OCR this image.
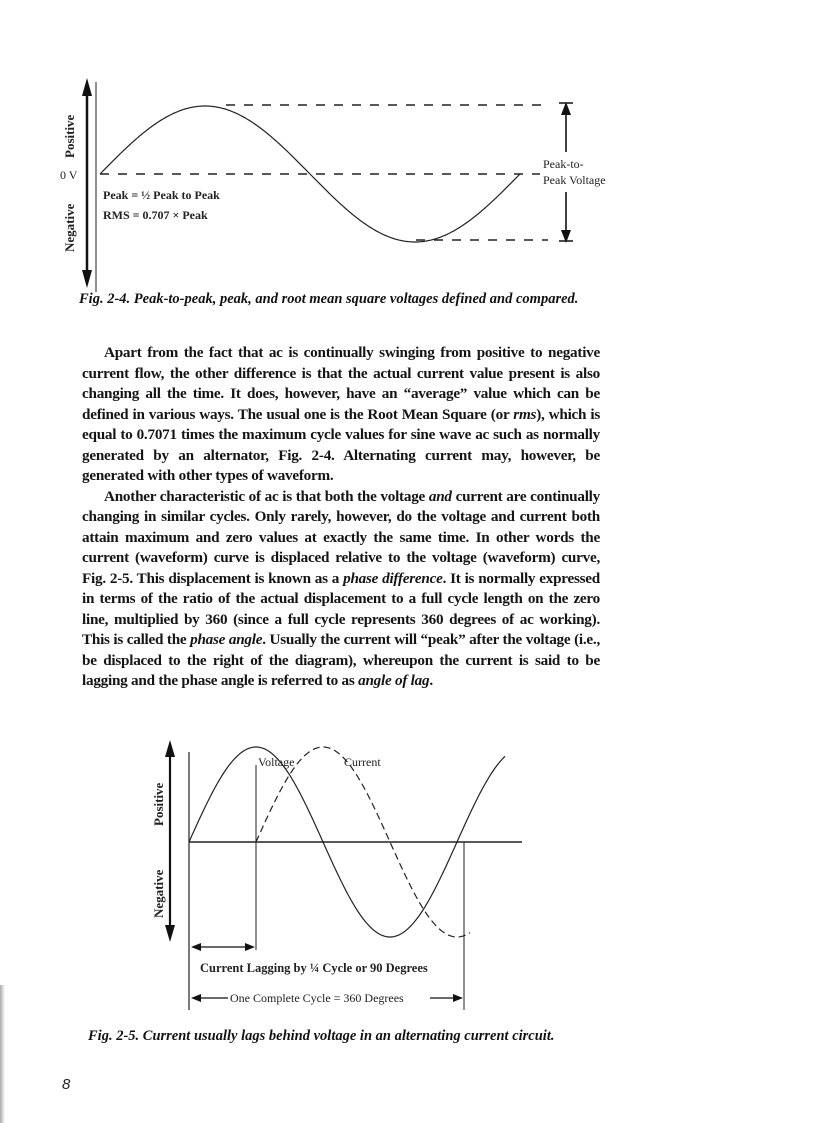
Positive
Negative
0 V
Peak-to-
Peak Voltage
Peak = ½ Peak to Peak
RMS = 0.707 × Peak
Fig. 2-4. Peak-to-peak, peak, and root mean square voltages defined and compared.

Apart from the fact that ac is continually swinging from positive to negative current flow, the other difference is that the actual current value present is also changing all the time. It does, however, have an “average” value which can be defined in various ways. The usual one is the Root Mean Square (or rms), which is equal to 0.7071 times the maximum cycle values for sine wave ac such as normally generated by an alternator, Fig. 2-4. Alternating current may, however, be generated with other types of waveform.

Another characteristic of ac is that both the voltage and current are continually changing in similar cycles. Only rarely, however, do the voltage and current both attain maximum and zero values at exactly the same time. In other words the current (waveform) curve is displaced relative to the voltage (waveform) curve, Fig. 2-5. This displacement is known as a phase difference. It is normally expressed in terms of the ratio of the actual displacement to a full cycle length on the zero line, multiplied by 360 (since a full cycle represents 360 degrees of ac working). This is called the phase angle. Usually the current will “peak” after the voltage (i.e., be displaced to the right of the diagram), whereupon the current is said to be lagging and the phase angle is referred to as angle of lag.

Positive
Negative
Voltage	Current
Current Lagging by ¼ Cycle or 90 Degrees
One Complete Cycle = 360 Degrees
Fig. 2-5. Current usually lags behind voltage in an alternating current circuit.
8
